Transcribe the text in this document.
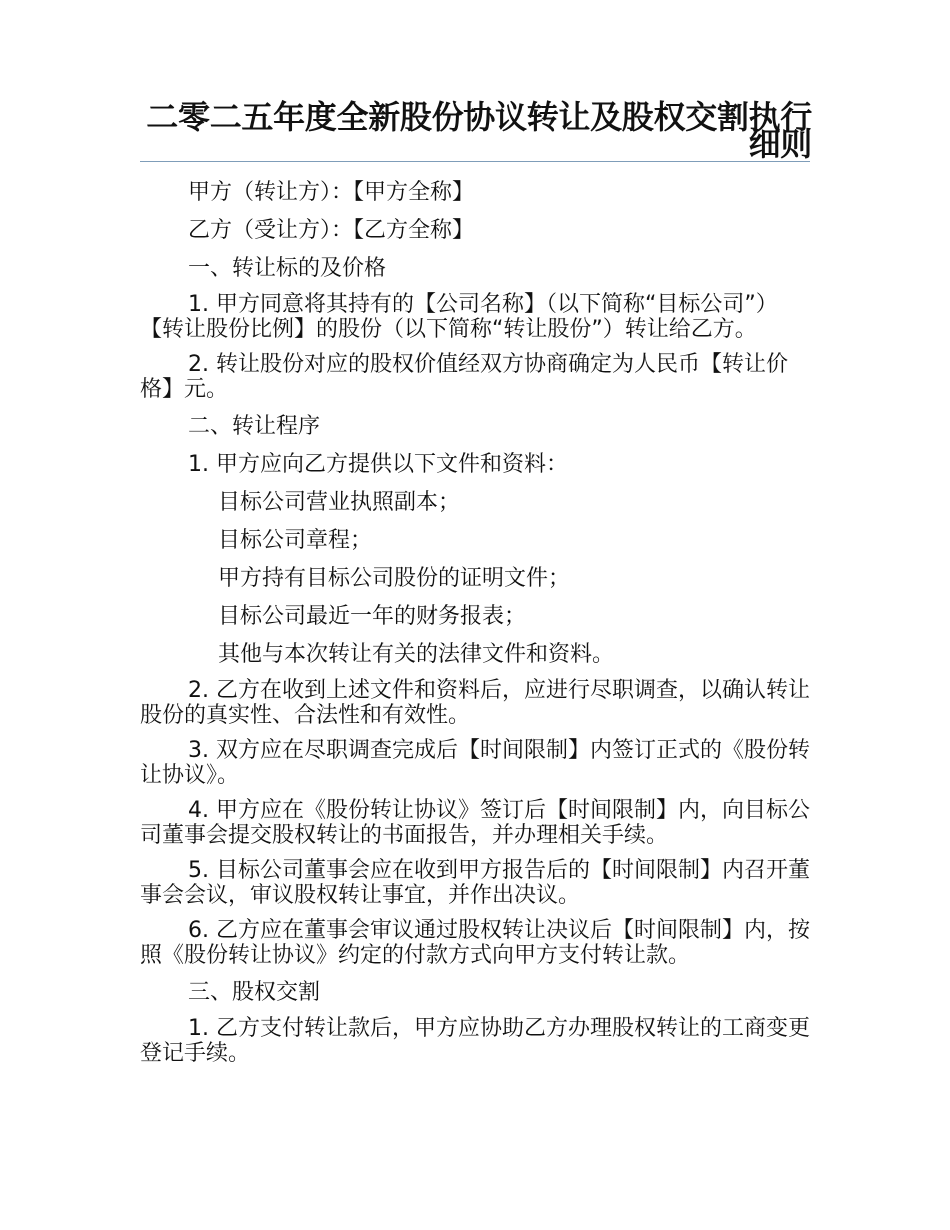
二零二五年度全新股份协议转让及股权交割执行细则

甲方（转让方）：【甲方全称】

乙方（受让方）：【乙方全称】

一、转让标的及价格

1. 甲方同意将其持有的【公司名称】（以下简称“目标公司”）【转让股份比例】的股份（以下简称“转让股份”）转让给乙方。

2. 转让股份对应的股权价值经双方协商确定为人民币【转让价格】元。

二、转让程序

1. 甲方应向乙方提供以下文件和资料：

目标公司营业执照副本；

目标公司章程；

甲方持有目标公司股份的证明文件；

目标公司最近一年的财务报表；

其他与本次转让有关的法律文件和资料。

2. 乙方在收到上述文件和资料后，应进行尽职调查，以确认转让股份的真实性、合法性和有效性。

3. 双方应在尽职调查完成后【时间限制】内签订正式的《股份转让协议》。

4. 甲方应在《股份转让协议》签订后【时间限制】内，向目标公司董事会提交股权转让的书面报告，并办理相关手续。

5. 目标公司董事会应在收到甲方报告后的【时间限制】内召开董事会会议，审议股权转让事宜，并作出决议。

6. 乙方应在董事会审议通过股权转让决议后【时间限制】内，按照《股份转让协议》约定的付款方式向甲方支付转让款。

三、股权交割

1. 乙方支付转让款后，甲方应协助乙方办理股权转让的工商变更登记手续。
